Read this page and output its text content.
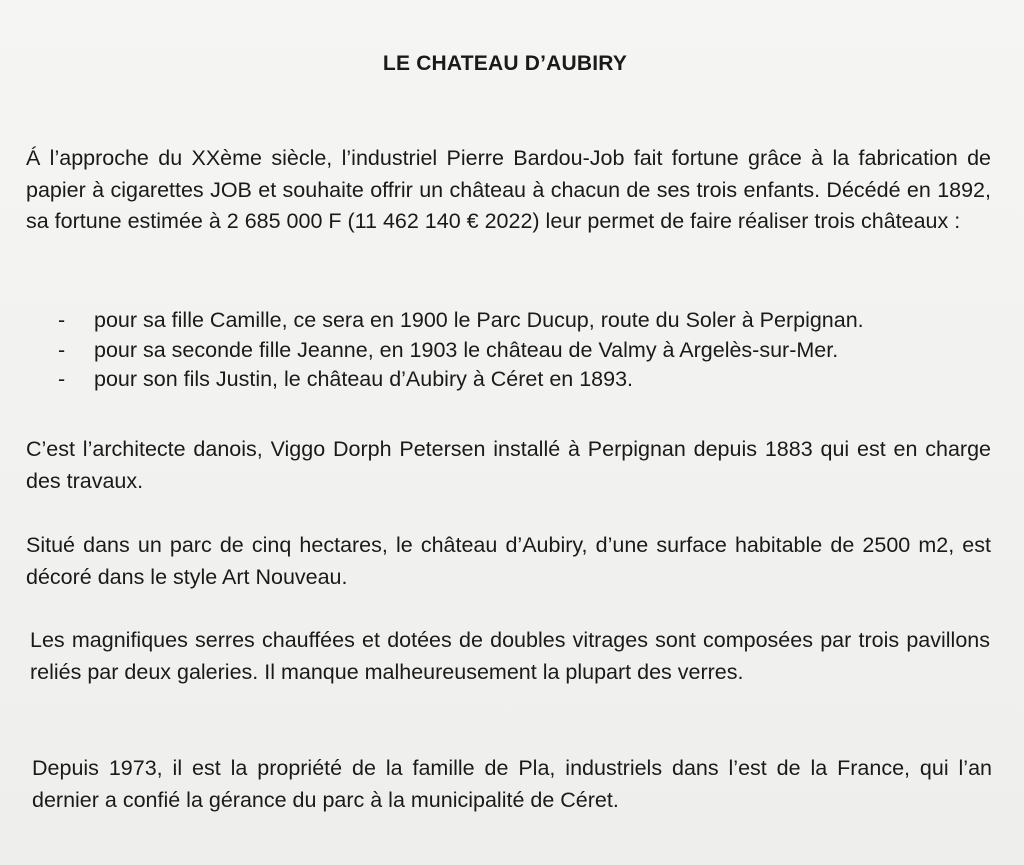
LE CHATEAU D’AUBIRY

Á l’approche du XXème siècle, l’industriel Pierre Bardou-Job fait fortune grâce à la fabrication de papier à cigarettes JOB et souhaite offrir un château à chacun de ses trois enfants. Décédé en 1892, sa fortune estimée à 2 685 000 F (11 462 140 € 2022) leur permet de faire réaliser trois châteaux :

-	pour sa fille Camille, ce sera en 1900 le Parc Ducup, route du Soler à Perpignan.
-	pour sa seconde fille Jeanne, en 1903 le château de Valmy à Argelès-sur-Mer.
-	pour son fils Justin, le château d’Aubiry à Céret en 1893.

C’est l’architecte danois, Viggo Dorph Petersen installé à Perpignan depuis 1883 qui est en charge des travaux.

Situé dans un parc de cinq hectares, le château d’Aubiry, d’une surface habitable de 2500 m2, est décoré dans le style Art Nouveau.

Les magnifiques serres chauffées et dotées de doubles vitrages sont composées par trois pavillons reliés par deux galeries. Il manque malheureusement la plupart des verres.

Depuis 1973, il est la propriété de la famille de Pla, industriels dans l’est de la France, qui l’an dernier a confié la gérance du parc à la municipalité de Céret.
